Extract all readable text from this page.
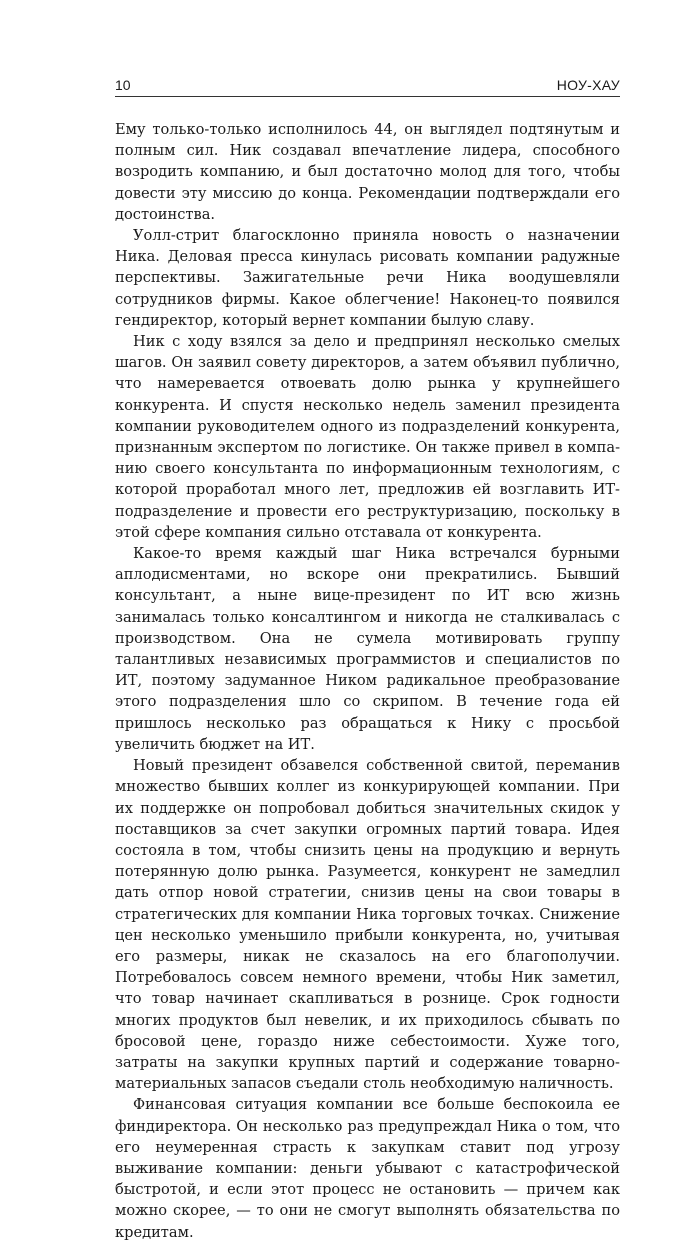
10	НОУ-ХАУ

Ему только-только исполнилось 44, он выглядел подтянутым и полным сил. Ник создавал впечатление лидера, способного возродить компанию, и был достаточно молод для того, чтобы довести эту миссию до конца. Рекомендации подтверждали его достоинства.

Уолл-стрит благосклонно приняла новость о назначении Ника. Деловая пресса кинулась рисовать компании радужные перспективы. Зажигательные речи Ника воодушевляли сотрудников фирмы. Какое облегчение! Наконец-то появился гендиректор, который вернет компании былую славу.

Ник с ходу взялся за дело и предпринял несколько смелых шагов. Он заявил совету директоров, а затем объявил публично, что намеревается отвоевать долю рынка у крупнейшего конкурента. И спустя несколько недель заменил президента компании руководителем одного из подразделений конкурента, признанным экспертом по логистике. Он также привел в компанию своего консультанта по информационным технологиям, с которой проработал много лет, предложив ей возглавить ИТ-подразделение и провести его реструктуризацию, поскольку в этой сфере компания сильно отставала от конкурента.

Какое-то время каждый шаг Ника встречался бурными аплодисментами, но вскоре они прекратились. Бывший консультант, а ныне вице-президент по ИТ всю жизнь занималась только консалтингом и никогда не сталкивалась с производством. Она не сумела мотивировать группу талантливых независимых программистов и специалистов по ИТ, поэтому задуманное Ником радикальное преобразование этого подразделения шло со скрипом. В течение года ей пришлось несколько раз обращаться к Нику с просьбой увеличить бюджет на ИТ.

Новый президент обзавелся собственной свитой, переманив множество бывших коллег из конкурирующей компании. При их поддержке он попробовал добиться значительных скидок у поставщиков за счет закупки огромных партий товара. Идея состояла в том, чтобы снизить цены на продукцию и вернуть потерянную долю рынка. Разумеется, конкурент не замедлил дать отпор новой стратегии, снизив цены на свои товары в стратегических для компании Ника торговых точках. Снижение цен несколько уменьшило прибыли конкурента, но, учитывая его размеры, никак не сказалось на его благополучии. Потребовалось совсем немного времени, чтобы Ник заметил, что товар начинает скапливаться в рознице. Срок годности многих продуктов был невелик, и их приходилось сбывать по бросовой цене, гораздо ниже себестоимости. Хуже того, затраты на закупки крупных партий и содержание товарно-материальных запасов съедали столь необходимую наличность.

Финансовая ситуация компании все больше беспокоила ее финдиректора. Он несколько раз предупреждал Ника о том, что его неумеренная страсть к закупкам ставит под угрозу выживание компании: деньги убывают с катастрофической быстротой, и если этот процесс не остановить — причем как можно скорее, — то они не смогут выполнять обязательства по кредитам.
